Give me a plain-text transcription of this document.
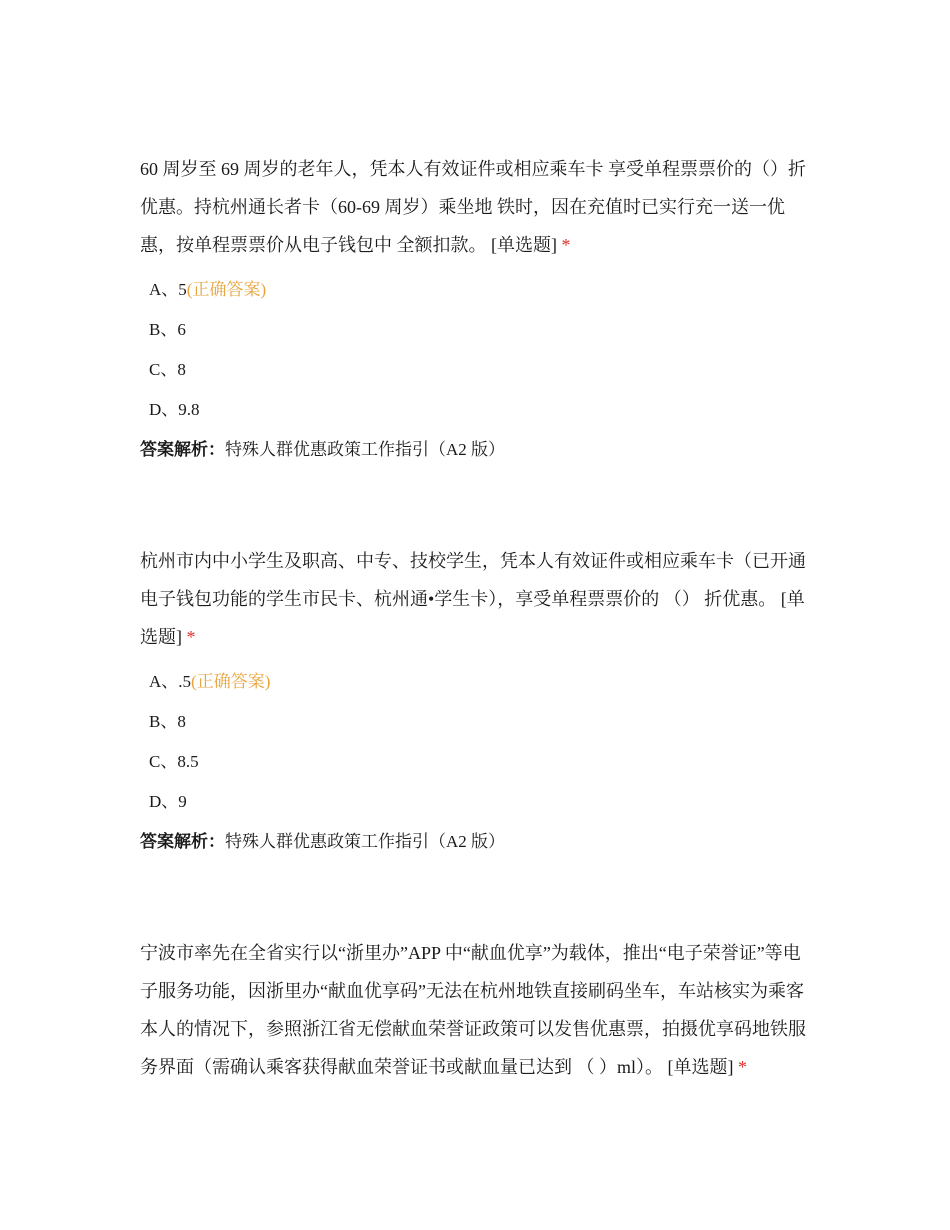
60 周岁至 69 周岁的老年人，凭本人有效证件或相应乘车卡 享受单程票票价的（）折优惠。持杭州通长者卡（60-69 周岁）乘坐地 铁时，因在充值时已实行充一送一优惠，按单程票票价从电子钱包中 全额扣款。 [单选题] *

A、5(正确答案)
B、6
C、8
D、9.8

答案解析：特殊人群优惠政策工作指引（A2 版）

杭州市内中小学生及职高、中专、技校学生，凭本人有效证件或相应乘车卡（已开通电子钱包功能的学生市民卡、杭州通•学生卡），享受单程票票价的 （） 折优惠。 [单选题] *

A、.5(正确答案)
B、8
C、8.5
D、9

答案解析：特殊人群优惠政策工作指引（A2 版）

宁波市率先在全省实行以“浙里办”APP 中“献血优享”为载体，推出“电子荣誉证”等电子服务功能，因浙里办“献血优享码”无法在杭州地铁直接刷码坐车，车站核实为乘客本人的情况下，参照浙江省无偿献血荣誉证政策可以发售优惠票，拍摄优享码地铁服务界面（需确认乘客获得献血荣誉证书或献血量已达到 （ ）ml）。 [单选题] *
